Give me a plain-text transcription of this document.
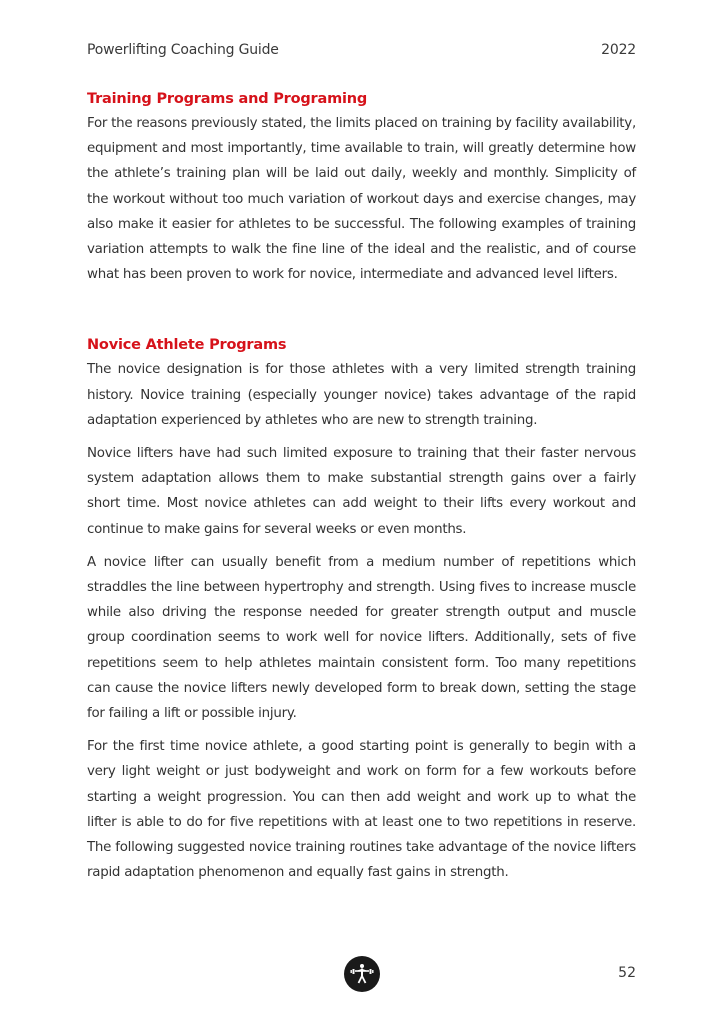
Powerlifting Coaching Guide	2022
Training Programs and Programing

For the reasons previously stated, the limits placed on training by facility availability, equipment and most importantly, time available to train, will greatly determine how the athlete’s training plan will be laid out daily, weekly and monthly. Simplicity of the workout without too much variation of workout days and exercise changes, may also make it easier for athletes to be successful. The following examples of training variation attempts to walk the fine line of the ideal and the realistic, and of course what has been proven to work for novice, intermediate and advanced level lifters.

Novice Athlete Programs

The novice designation is for those athletes with a very limited strength training history. Novice training (especially younger novice) takes advantage of the rapid adaptation experienced by athletes who are new to strength training.

Novice lifters have had such limited exposure to training that their faster nervous system adaptation allows them to make substantial strength gains over a fairly short time. Most novice athletes can add weight to their lifts every workout and continue to make gains for several weeks or even months.

A novice lifter can usually benefit from a medium number of repetitions which straddles the line between hypertrophy and strength. Using fives to increase muscle while also driving the response needed for greater strength output and muscle group coordination seems to work well for novice lifters. Additionally, sets of five repetitions seem to help athletes maintain consistent form. Too many repetitions can cause the novice lifters newly developed form to break down, setting the stage for failing a lift or possible injury.

For the first time novice athlete, a good starting point is generally to begin with a very light weight or just bodyweight and work on form for a few workouts before starting a weight progression. You can then add weight and work up to what the lifter is able to do for five repetitions with at least one to two repetitions in reserve. The following suggested novice training routines take advantage of the novice lifters rapid adaptation phenomenon and equally fast gains in strength.

52
